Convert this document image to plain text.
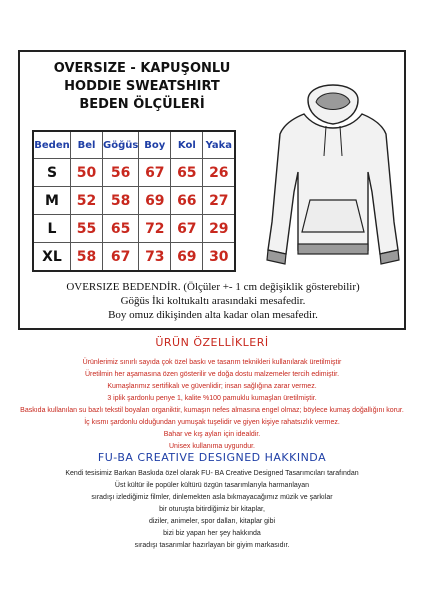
OVERSIZE - KAPUŞONLU
HODDIE SWEATSHIRT
BEDEN ÖLÇÜLERİ
Beden	Bel	Göğüs	Boy	Kol	Yaka
S	50	56	67	65	26
M	52	58	69	66	27
L	55	65	72	67	29
XL	58	67	73	69	30
OVERSIZE BEDENDİR. (Ölçüler +- 1 cm değişiklik gösterebilir)
Göğüs İki koltukaltı arasındaki mesafedir.
Boy omuz dikişinden alta kadar olan mesafedir.
ÜRÜN ÖZELLİKLERİ
Ürünlerimiz sınırlı sayıda çok özel baskı ve tasarım teknikleri kullanılarak üretilmiştir
Üretilmin her aşamasına özen gösterilir ve doğa dostu malzemeler tercih edimiştir.
Kumaşlarımız sertifikalı ve güvenlidir; insan sağlığına zarar vermez.
3 iplik şardonlu penye 1, kalite %100 pamuklu kumaşlan üretilmiştir.
Baskıda kullanılan su bazlı tekstil boyaları organiktir, kumaşın nefes almasına engel olmaz; böylece kumaş doğallığını korur.
İç kısmı şardonlu olduğundan yumuşak tuşelidir ve giyen kişiye rahatsızlık vermez.
Bahar ve kış ayları için idealdir.
Unisex kullanıma uygundur.
FU-BA CREATIVE DESIGNED HAKKINDA
Kendi tesisimiz Barkan Baskıda özel olarak FU- BA Creative Designed Tasarımcıları tarafından
Üst kültür ile popüler kültürü özgün tasarımlarıyla harmanlayan
sıradışı izlediğimiz filmler, dinlemekten asla bıkmayacağımız müzik ve şarkılar
bir oturuşta bitirdiğimiz bir kitaplar,
diziler, animeler, spor dalları, kitaplar gibi
bizi biz yapan her şey hakkında
sıradışı tasarımlar hazırlayan bir giyim markasıdır.
